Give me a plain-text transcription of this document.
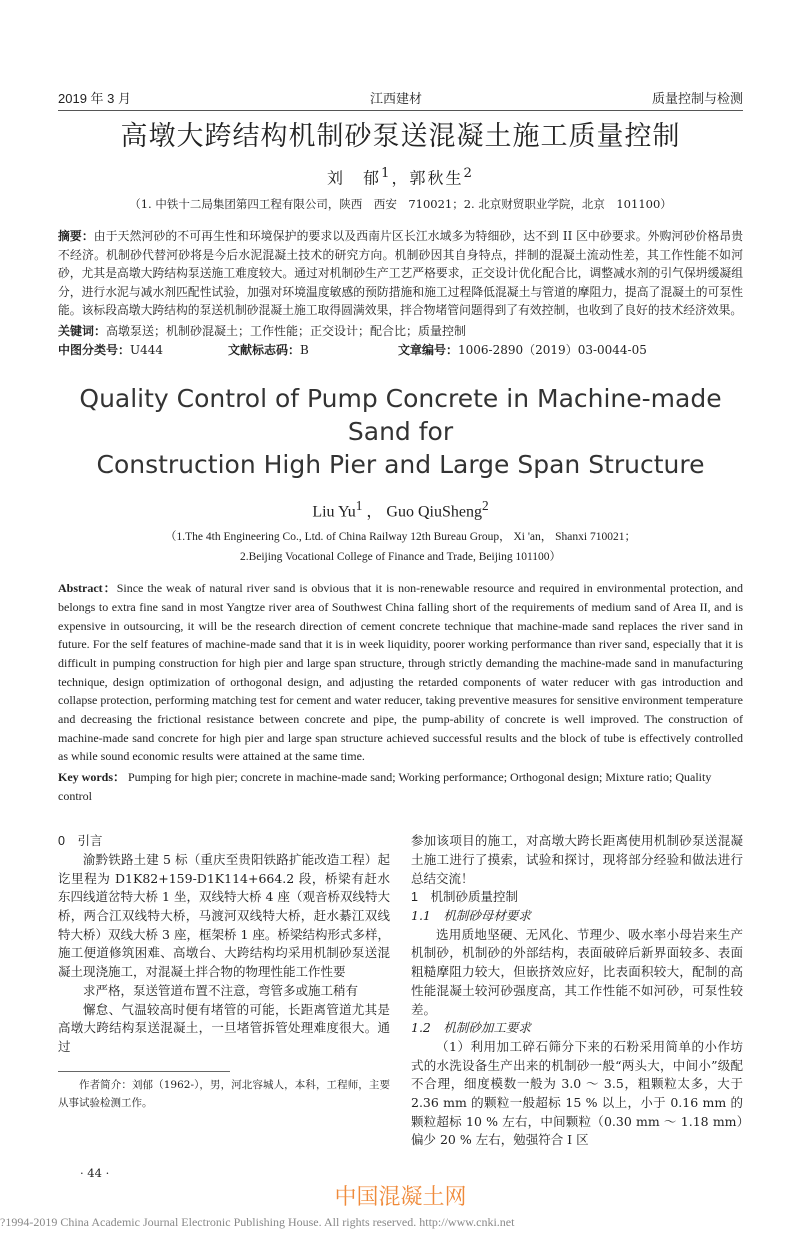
2019 年 3 月	江西建材	质量控制与检测
高墩大跨结构机制砂泵送混凝土施工质量控制
刘　郁$^1$，郭秋生$^2$
（1. 中铁十二局集团第四工程有限公司，陕西　西安　710021；2. 北京财贸职业学院，北京　101100）
摘要：由于天然河砂的不可再生性和环境保护的要求以及西南片区长江水域多为特细砂，达不到 II 区中砂要求。外购河砂价格昂贵不经济。机制砂代替河砂将是今后水泥混凝土技术的研究方向。机制砂因其自身特点，拌制的混凝土流动性差，其工作性能不如河砂，尤其是高墩大跨结构泵送施工难度较大。通过对机制砂生产工艺严格要求，正交设计优化配合比，调整减水剂的引气保坍缓凝组分，进行水泥与减水剂匹配性试验，加强对环境温度敏感的预防措施和施工过程降低混凝土与管道的摩阻力，提高了混凝土的可泵性能。该标段高墩大跨结构的泵送机制砂混凝土施工取得圆满效果，拌合物堵管问题得到了有效控制，也收到了良好的技术经济效果。
关键词：高墩泵送；机制砂混凝土；工作性能；正交设计；配合比；质量控制
中图分类号：U444	文献标志码：B	文章编号：1006-2890（2019）03-0044-05
Quality Control of Pump Concrete in Machine-made Sand for
Construction High Pier and Large Span Structure
Liu Yu$^1$ ， Guo QiuSheng$^2$
（1.The 4th Engineering Co., Ltd. of China Railway 12th Bureau Group， Xi 'an， Shanxi 710021；
2.Beijing Vocational College of Finance and Trade, Beijing 101100）
Abstract：Since the weak of natural river sand is obvious that it is non-renewable resource and required in environmental protection, and belongs to extra fine sand in most Yangtze river area of Southwest China falling short of the requirements of medium sand of Area II, and is expensive in outsourcing, it will be the research direction of cement concrete technique that machine-made sand replaces the river sand in future. For the self features of machine-made sand that it is in week liquidity, poorer working performance than river sand, especially that it is difficult in pumping construction for high pier and large span structure, through strictly demanding the machine-made sand in manufacturing technique, design optimization of orthogonal design, and adjusting the retarded components of water reducer with gas introduction and collapse protection, performing matching test for cement and water reducer, taking preventive measures for sensitive environment temperature and decreasing the frictional resistance between concrete and pipe, the pump-ability of concrete is well improved. The construction of machine-made sand concrete for high pier and large span structure achieved successful results and the block of tube is effectively controlled as while sound economic results were attained at the same time.
Key words： Pumping for high pier; concrete in machine-made sand; Working performance; Orthogonal design; Mixture ratio; Quality control
0　引言
渝黔铁路土建 5 标（重庆至贵阳铁路扩能改造工程）起讫里程为 D1K82+159-D1K114+664.2 段，桥梁有赶水东四线道岔特大桥 1 坐，双线特大桥 4 座（观音桥双线特大桥，两合江双线特大桥，马渡河双线特大桥，赶水綦江双线特大桥）双线大桥 3 座，框架桥 1 座。桥梁结构形式多样，施工便道修筑困难、高墩台、大跨结构均采用机制砂泵送混凝土现浇施工，对混凝土拌合物的物理性能工作性要
求严格，泵送管道布置不注意，弯管多或施工稍有
懈怠、气温较高时便有堵管的可能，长距离管道尤其是高墩大跨结构泵送混凝土，一旦堵管拆管处理难度很大。通过
作者简介：刘郁（1962-），男，河北容城人，本科，工程师，主要从事试验检测工作。
参加该项目的施工，对高墩大跨长距离使用机制砂泵送混凝土施工进行了摸索，试验和探讨，现将部分经验和做法进行总结交流！
1　机制砂质量控制
1.1　机制砂母材要求
选用质地坚硬、无风化、节理少、吸水率小母岩来生产机制砂，机制砂的外部结构，表面破碎后新界面较多、表面粗糙摩阻力较大，但嵌挤效应好，比表面积较大，配制的高性能混凝土较河砂强度高，其工作性能不如河砂，可泵性较差。
1.2　机制砂加工要求
（1）利用加工碎石筛分下来的石粉采用简单的小作坊式的水洗设备生产出来的机制砂一般“两头大，中间小”级配不合理，细度模数一般为 3.0 ～ 3.5，粗颗粒太多，大于 2.36 mm 的颗粒一般超标 15 % 以上，小于 0.16 mm 的颗粒超标 10 % 左右，中间颗粒（0.30 mm ～ 1.18 mm）偏少 20 % 左右，勉强符合 I 区
· 44 ·
中国混凝土网
?1994-2019 China Academic Journal Electronic Publishing House. All rights reserved. http://www.cnki.net
